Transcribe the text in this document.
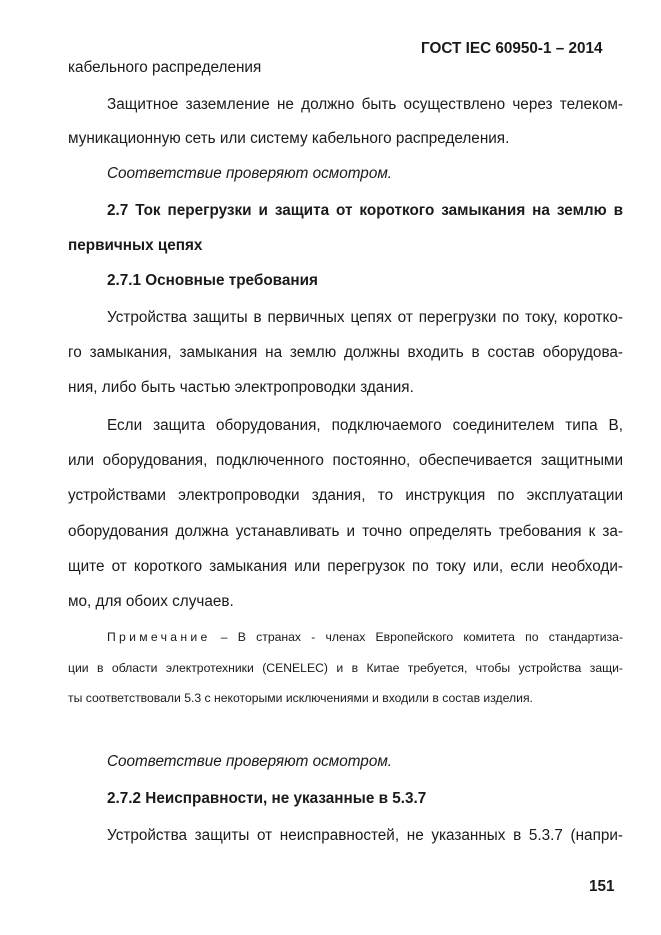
ГОСТ IEC 60950-1 – 2014
кабельного распределения
Защитное заземление не должно быть осуществлено через телеком-
муникационную сеть или систему кабельного распределения.
Соответствие проверяют осмотром.
2.7 Ток перегрузки и защита от короткого замыкания на землю в
первичных цепях
2.7.1 Основные требования
Устройства защиты в первичных цепях от перегрузки по току, коротко-
го замыкания, замыкания на землю должны входить в состав оборудова-
ния, либо быть частью электропроводки здания.
Если защита оборудования, подключаемого соединителем типа B,
или оборудования, подключенного постоянно, обеспечивается защитными
устройствами электропроводки здания, то инструкция по эксплуатации
оборудования должна устанавливать и точно определять требования к за-
щите от короткого замыкания или перегрузок по току или, если необходи-
мо, для обоих случаев.
Примечание – В странах - членах Европейского комитета по стандартиза-
ции в области электротехники (CENELEC) и в Китае требуется, чтобы устройства защи-
ты соответствовали 5.3 с некоторыми исключениями и входили в состав изделия.
Соответствие проверяют осмотром.
2.7.2 Неисправности, не указанные в 5.3.7
Устройства защиты от неисправностей, не указанных в 5.3.7 (напри-
151
